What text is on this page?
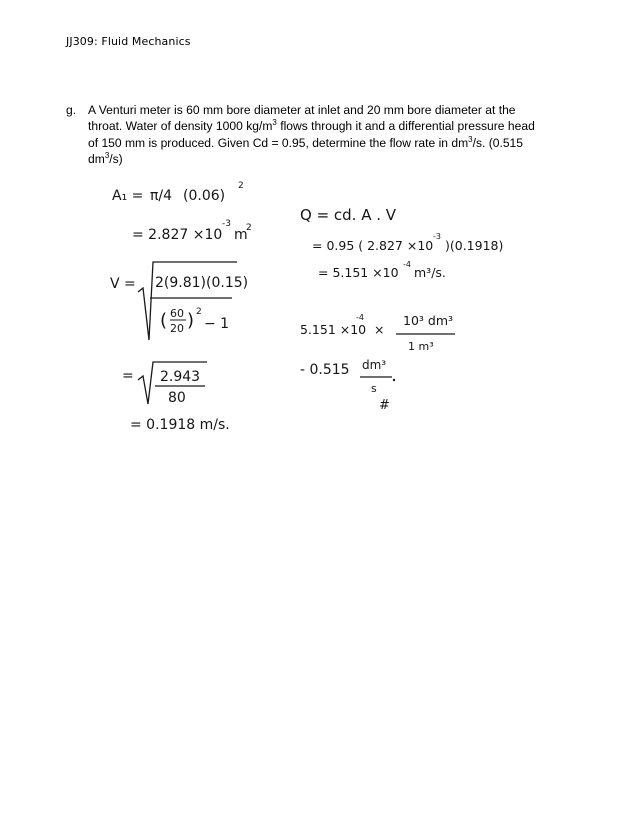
JJ309: Fluid Mechanics
g. A Venturi meter is 60 mm bore diameter at inlet and 20 mm bore diameter at the
throat. Water of density 1000 $kg/m^3$ flows through it and a differential pressure head
of 150 mm is produced. Given Cd = 0.95, determine the flow rate in $dm^3/s$. (0.515
$dm^3/s$)
A₁ = π/4 (0.06)
2
= 2.827 ×10
-3
m
2
V = 2(9.81)(0.15)
( 60
20 ) 2
− 1
= 2.943
80
= 0.1918 m/s.
Q = cd. A . V
= 0.95 ( 2.827 ×10
-3
)(0.1918)
= 5.151 ×10
-4
m³/s.
5.151 ×10
-4
×
10³ dm³
1 m³
- 0.515 dm³
s
#
